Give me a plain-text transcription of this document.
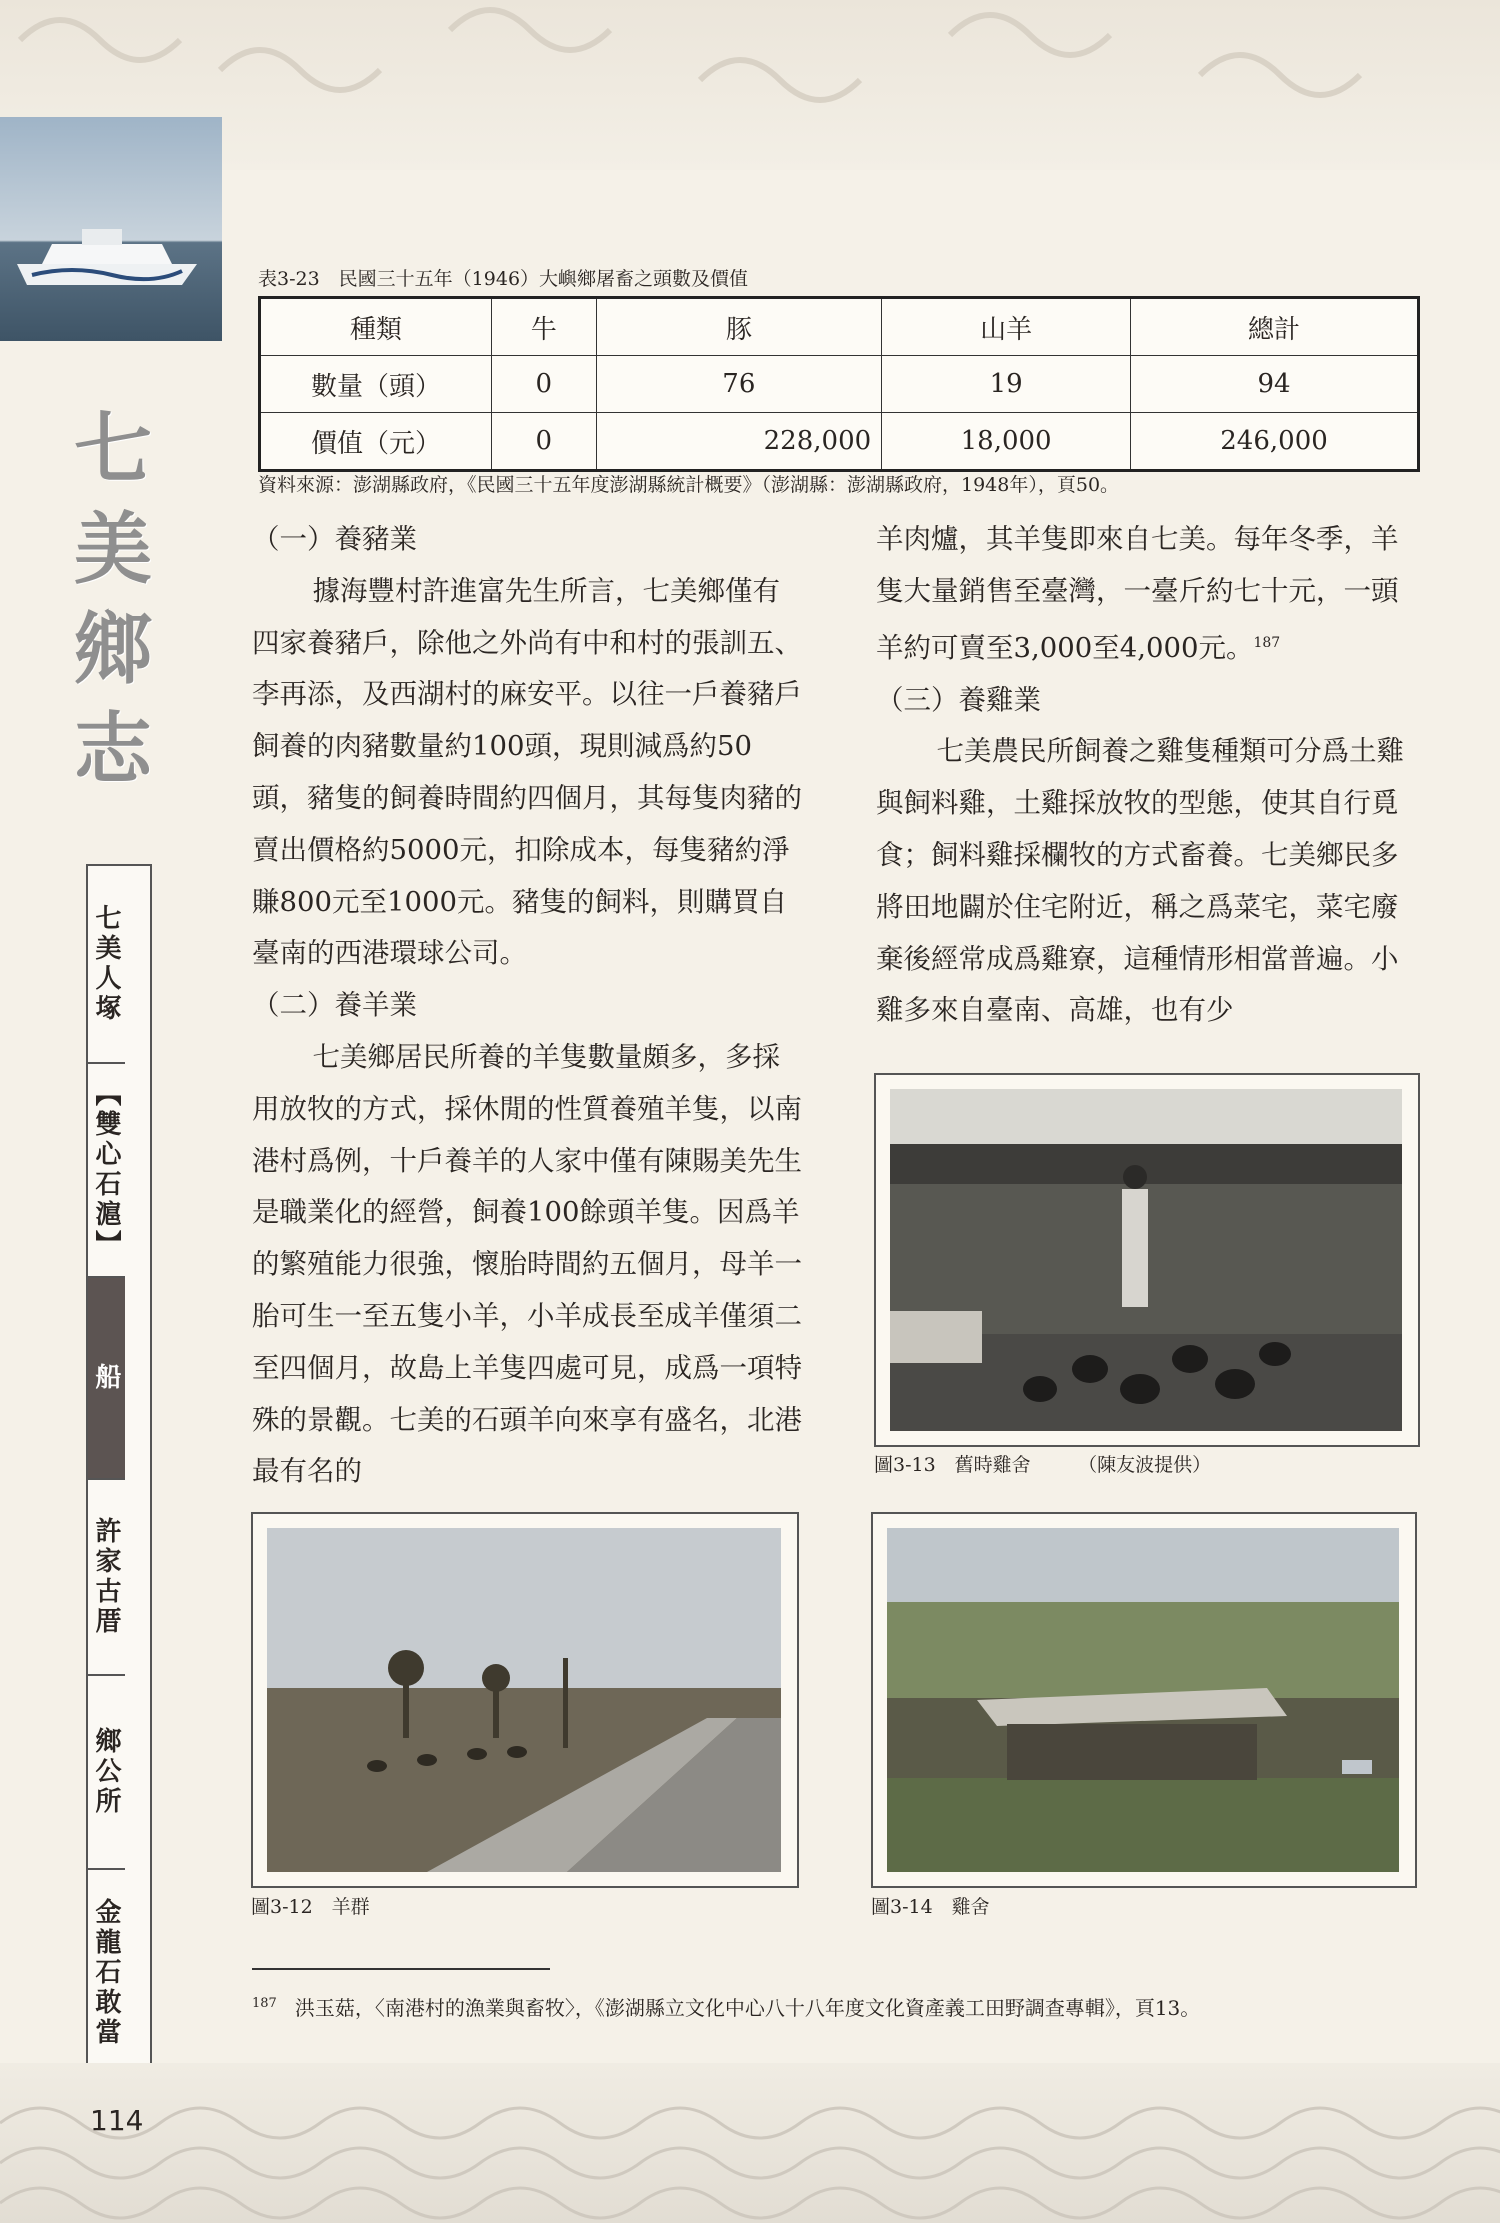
七
美
鄉
志
七美人塚
【雙心石滬】
船
許家古厝
鄉公所
金龍石敢當
表3-23　民國三十五年（1946）大嶼鄉屠畜之頭數及價值
種類	牛	豚	山羊	總計
數量（頭）	0	76	19	94
價值（元）	0	228,000	18,000	246,000
資料來源：澎湖縣政府，《民國三十五年度澎湖縣統計概要》（澎湖縣：澎湖縣政府，1948年），頁50。

（一）養豬業

據海豐村許進富先生所言，七美鄉僅有四家養豬戶，除他之外尚有中和村的張訓五、李再添，及西湖村的麻安平。以往一戶養豬戶飼養的肉豬數量約100頭，現則減爲約50頭，豬隻的飼養時間約四個月，其每隻肉豬的賣出價格約5000元，扣除成本，每隻豬約淨賺800元至1000元。豬隻的飼料，則購買自臺南的西港環球公司。

（二）養羊業

七美鄉居民所養的羊隻數量頗多，多採用放牧的方式，採休閒的性質養殖羊隻，以南港村爲例，十戶養羊的人家中僅有陳賜美先生是職業化的經營，飼養100餘頭羊隻。因爲羊的繁殖能力很強，懷胎時間約五個月，母羊一胎可生一至五隻小羊，小羊成長至成羊僅須二至四個月，故島上羊隻四處可見，成爲一項特殊的景觀。七美的石頭羊向來享有盛名，北港最有名的

羊肉爐，其羊隻即來自七美。每年冬季，羊隻大量銷售至臺灣，一臺斤約七十元，一頭羊約可賣至3,000至4,000元。$^{187}$

（三）養雞業

七美農民所飼養之雞隻種類可分爲土雞與飼料雞，土雞採放牧的型態，使其自行覓食；飼料雞採欄牧的方式畜養。七美鄉民多將田地闢於住宅附近，稱之爲菜宅，菜宅廢棄後經常成爲雞寮，這種情形相當普遍。小雞多來自臺南、高雄，也有少

圖3-13　舊時雞舍　　　（陳友波提供）
圖3-12　羊群	圖3-14　雞舍
$^{187}$ 洪玉菇，〈南港村的漁業與畜牧〉，《澎湖縣立文化中心八十八年度文化資產義工田野調查專輯》，頁13。
114
